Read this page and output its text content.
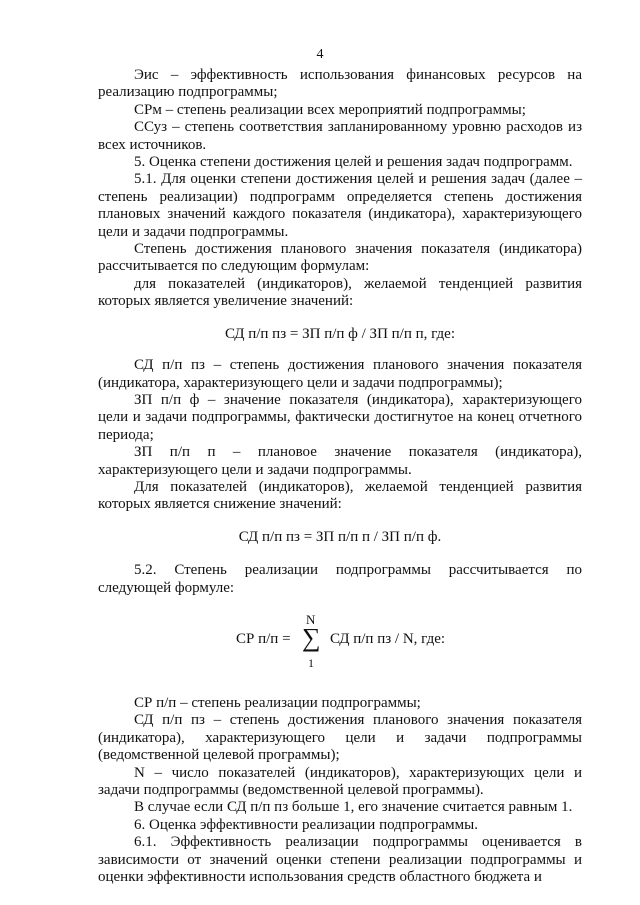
4

Эис – эффективность использования финансовых ресурсов на реализацию подпрограммы;

СРм – степень реализации всех мероприятий подпрограммы;

ССуз – степень соответствия запланированному уровню расходов из всех источников.

5. Оценка степени достижения целей и решения задач подпрограмм.

5.1. Для оценки степени достижения целей и решения задач (далее – степень реализации) подпрограмм определяется степень достижения плановых значений каждого показателя (индикатора), характеризующего цели и задачи подпрограммы.

Степень достижения планового значения показателя (индикатора) рассчитывается по следующим формулам:

для показателей (индикаторов), желаемой тенденцией развития которых является увеличение значений:

СД п/п пз = ЗП п/п ф / ЗП п/п п, где:

СД п/п пз – степень достижения планового значения показателя (индикатора, характеризующего цели и задачи подпрограммы);

ЗП п/п ф – значение показателя (индикатора), характеризующего цели и задачи подпрограммы, фактически достигнутое на конец отчетного периода;

ЗП п/п п – плановое значение показателя (индикатора), характеризующего цели и задачи подпрограммы.

Для показателей (индикаторов), желаемой тенденцией развития которых является снижение значений:

СД п/п пз = ЗП п/п п / ЗП п/п ф.

5.2. Степень реализации подпрограммы рассчитывается по следующей формуле:

СР п/п =
N
∑
1
СД п/п пз / N, где:

СР п/п – степень реализации подпрограммы;

СД п/п пз – степень достижения планового значения показателя (индикатора), характеризующего цели и задачи подпрограммы (ведомственной целевой программы);

N – число показателей (индикаторов), характеризующих цели и задачи подпрограммы (ведомственной целевой программы).

В случае если СД п/п пз больше 1, его значение считается равным 1.

6. Оценка эффективности реализации подпрограммы.

6.1. Эффективность реализации подпрограммы оценивается в зависимости от значений оценки степени реализации подпрограммы и оценки эффективности использования средств областного бюджета и
